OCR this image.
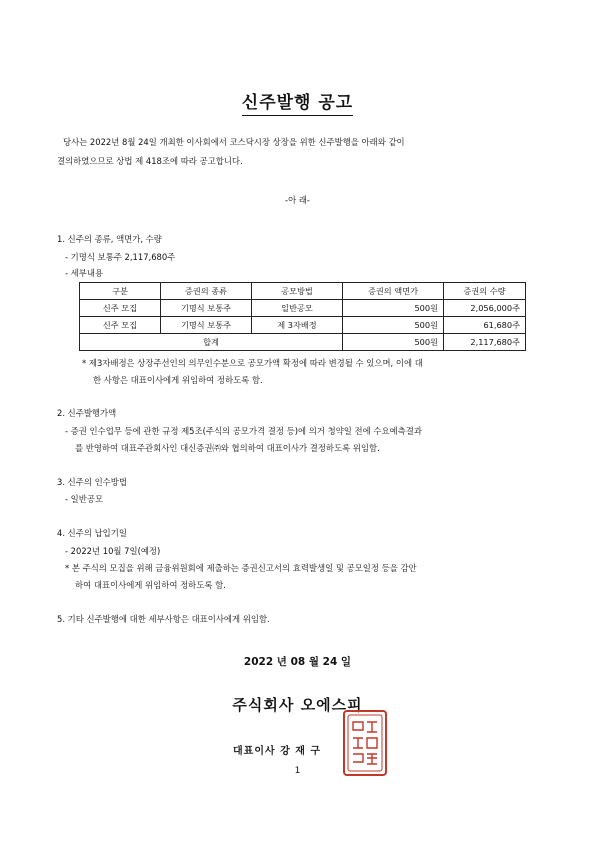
신주발행 공고
당사는 2022년 8월 24일 개최한 이사회에서 코스닥시장 상장을 위한 신주발행을 아래와 같이
결의하였으므로 상법 제 418조에 따라 공고합니다.
-아 래-
1. 신주의 종류, 액면가, 수량
- 기명식 보통주 2,117,680주
- 세부내용
구분	증권의 종류	공모방법	증권의 액면가	증권의 수량
신주 모집	기명식 보통주	일반공모	500원	2,056,000주
신주 모집	기명식 보통주	제 3자배정	500원	61,680주
합계			500원	2,117,680주
* 제3자배정은 상장주선인의 의무인수분으로 공모가액 확정에 따라 변경될 수 있으며, 이에 대
한 사항은 대표이사에게 위임하여 정하도록 함.
2. 신주발행가액
- 증권 인수업무 등에 관한 규정 제5조(주식의 공모가격 결정 등)에 의거 청약일 전에 수요예측결과
를 반영하여 대표주관회사인 대신증권㈜와 협의하여 대표이사가 결정하도록 위임함.
3. 신주의 인수방법
- 일반공모
4. 신주의 납입기일
- 2022년 10월 7일(예정)
* 본 주식의 모집을 위해 금융위원회에 제출하는 증권신고서의 효력발생일 및 공모일정 등을 감안
하여 대표이사에게 위임하여 정하도록 함.
5. 기타 신주발행에 대한 세부사항은 대표이사에게 위임함.
2022 년 08 월 24 일
주식회사 오에스피
대표이사 강 재 구
1
